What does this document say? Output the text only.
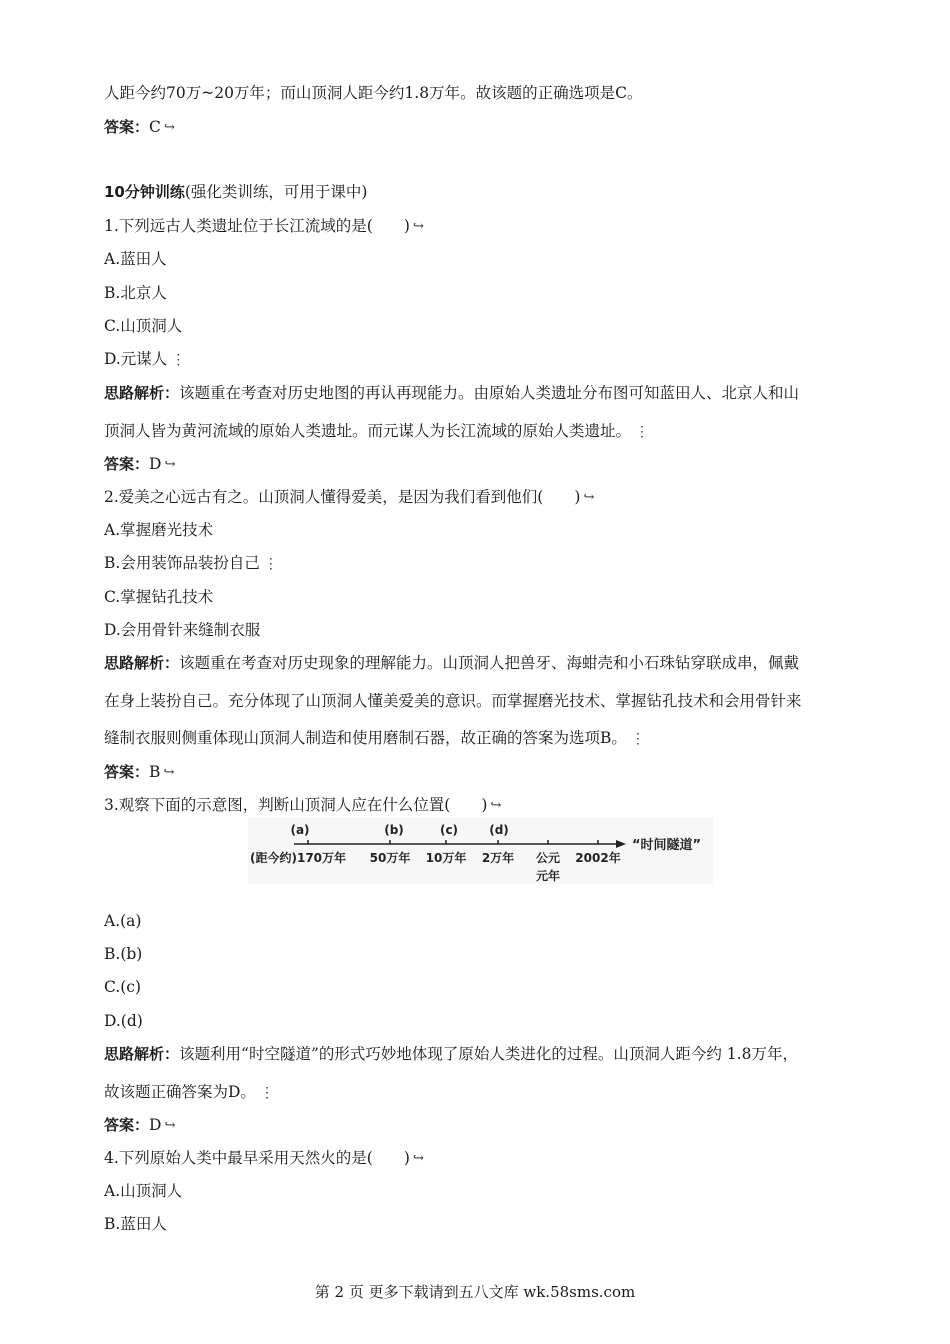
人距今约70万~20万年；而山顶洞人距今约1.8万年。故该题的正确选项是C。
答案：C ↪
10分钟训练(强化类训练，可用于课中)
1.下列远古人类遗址位于长江流域的是(　　) ↪
A.蓝田人
B.北京人
C.山顶洞人
D.元谋人 ⋮
思路解析：该题重在考查对历史地图的再认再现能力。由原始人类遗址分布图可知蓝田人、北京人和山
顶洞人皆为黄河流域的原始人类遗址。而元谋人为长江流域的原始人类遗址。 ⋮
答案：D ↪
2.爱美之心远古有之。山顶洞人懂得爱美，是因为我们看到他们(　　) ↪
A.掌握磨光技术
B.会用装饰品装扮自己 ⋮
C.掌握钻孔技术
D.会用骨针来缝制衣服
思路解析：该题重在考查对历史现象的理解能力。山顶洞人把兽牙、海蚶壳和小石珠钻穿联成串，佩戴
在身上装扮自己。充分体现了山顶洞人懂美爱美的意识。而掌握磨光技术、掌握钻孔技术和会用骨针来
缝制衣服则侧重体现山顶洞人制造和使用磨制石器，故正确的答案为选项B。 ⋮
答案：B ↪
3.观察下面的示意图，判断山顶洞人应在什么位置(　　) ↪
(a)	(b)	(c)	(d)
(距今约)170万年 50万年 10万年 2万年 公元
元年
2002年
“时间隧道”
A.(a)
B.(b)
C.(c)
D.(d)
思路解析：该题利用“时空隧道”的形式巧妙地体现了原始人类进化的过程。山顶洞人距今约 1.8万年，
故该题正确答案为D。 ⋮
答案：D ↪
4.下列原始人类中最早采用天然火的是(　　) ↪
A.山顶洞人
B.蓝田人
第 2 页 更多下载请到五八文库 wk.58sms.com
